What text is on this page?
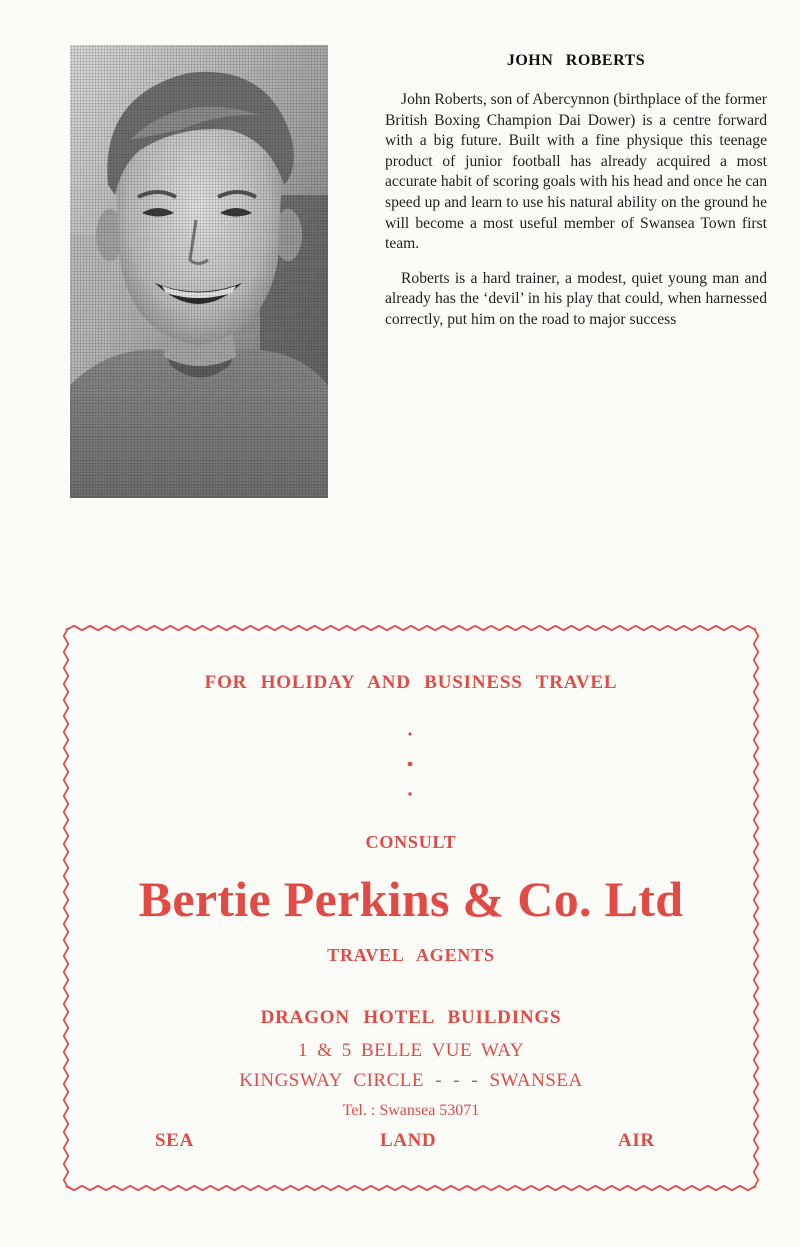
JOHN ROBERTS

John Roberts, son of Abercynnon (birthplace of the former British Boxing Champion Dai Dower) is a centre forward with a big future. Built with a fine physique this teenage product of junior football has already acquired a most accurate habit of scoring goals with his head and once he can speed up and learn to use his natural ability on the ground he will become a most useful member of Swansea Town first team.

Roberts is a hard trainer, a modest, quiet young man and already has the ‘devil’ in his play that could, when harnessed correctly, put him on the road to major success

FOR HOLIDAY AND BUSINESS TRAVEL
CONSULT
Bertie Perkins & Co. Ltd
TRAVEL AGENTS
DRAGON HOTEL BUILDINGS
1 & 5 BELLE VUE WAY
KINGSWAY CIRCLE - - - SWANSEA
Tel. : Swansea 53071
SEA	LAND	AIR
